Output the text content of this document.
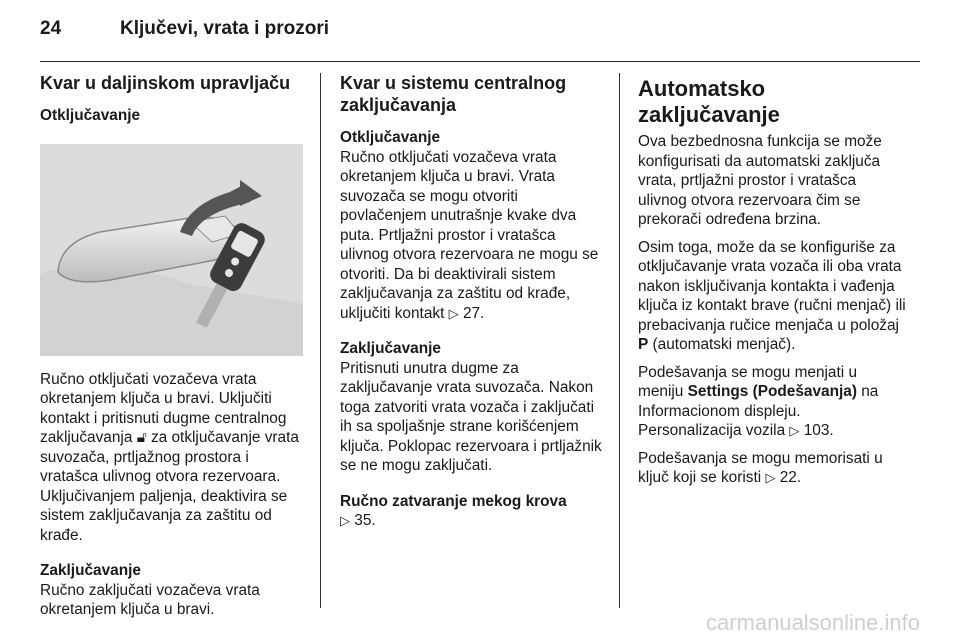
24	Ključevi, vrata i prozori
Kvar u daljinskom upravljaču
Otključavanje

Ručno otključati vozačeva vrata okretanjem ključa u bravi. Uključiti kontakt i pritisnuti dugme centralnog zaključavanja 🔓︎ za otključavanje vrata suvozača, prtljažnog prostora i vratašca ulivnog otvora rezervoara. Uključivanjem paljenja, deaktivira se sistem zaključavanja za zaštitu od krađe.

Zaključavanje

Ručno zaključati vozačeva vrata okretanjem ključa u bravi.

Kvar u sistemu centralnog zaključavanja
Otključavanje

Ručno otključati vozačeva vrata okretanjem ključa u bravi. Vrata suvozača se mogu otvoriti povlačenjem unutrašnje kvake dva puta. Prtljažni prostor i vratašca ulivnog otvora rezervoara ne mogu se otvoriti. Da bi deaktivirali sistem zaključavanja za zaštitu od krađe, uključiti kontakt ▷ 27.

Zaključavanje

Pritisnuti unutra dugme za zaključavanje vrata suvozača. Nakon toga zatvoriti vrata vozača i zaključati ih sa spoljašnje strane korišćenjem ključa. Poklopac rezervoara i prtljažnik se ne mogu zaključati.

Ručno zatvaranje mekog krova

▷ 35.

Automatsko zaključavanje

Ova bezbednosna funkcija se može konfigurisati da automatski zaključa vrata, prtljažni prostor i vratašca ulivnog otvora rezervoara čim se prekorači određena brzina.

Osim toga, može da se konfiguriše za otključavanje vrata vozača ili oba vrata nakon isključivanja kontakta i vađenja ključa iz kontakt brave (ručni menjač) ili prebacivanja ručice menjača u položaj P (automatski menjač).

Podešavanja se mogu menjati u meniju Settings (Podešavanja) na Informacionom displeju.
Personalizacija vozila ▷ 103.

Podešavanja se mogu memorisati u ključ koji se koristi ▷ 22.

carmanualsonline.info
